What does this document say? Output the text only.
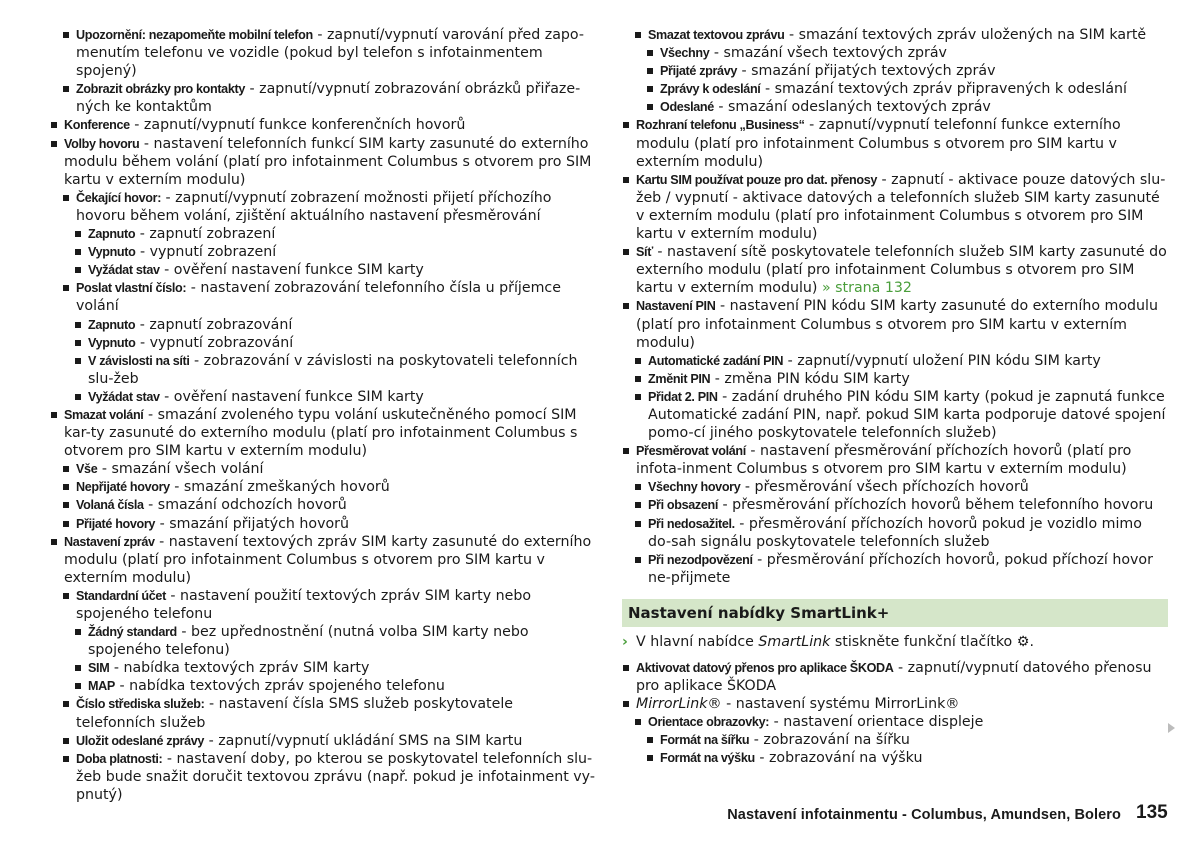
Upozornění: nezapomeňte mobilní telefon - zapnutí/vypnutí varování před zapo-menutím telefonu ve vozidle (pokud byl telefon s infotainmentem spojený)
Zobrazit obrázky pro kontakty - zapnutí/vypnutí zobrazování obrázků přiřaze-ných ke kontaktům
Konference - zapnutí/vypnutí funkce konferenčních hovorů
Volby hovoru - nastavení telefonních funkcí SIM karty zasunuté do externího modulu během volání (platí pro infotainment Columbus s otvorem pro SIM kartu v externím modulu)
Čekající hovor: - zapnutí/vypnutí zobrazení možnosti přijetí příchozího hovoru během volání, zjištění aktuálního nastavení přesměrování
Zapnuto - zapnutí zobrazení
Vypnuto - vypnutí zobrazení
Vyžádat stav - ověření nastavení funkce SIM karty
Poslat vlastní číslo: - nastavení zobrazování telefonního čísla u příjemce volání
Zapnuto - zapnutí zobrazování
Vypnuto - vypnutí zobrazování
V závislosti na síti - zobrazování v závislosti na poskytovateli telefonních slu-žeb
Vyžádat stav - ověření nastavení funkce SIM karty
Smazat volání - smazání zvoleného typu volání uskutečněného pomocí SIM kar-ty zasunuté do externího modulu (platí pro infotainment Columbus s otvorem pro SIM kartu v externím modulu)
Vše - smazání všech volání
Nepřijaté hovory - smazání zmeškaných hovorů
Volaná čísla - smazání odchozích hovorů
Přijaté hovory - smazání přijatých hovorů
Nastavení zpráv - nastavení textových zpráv SIM karty zasunuté do externího modulu (platí pro infotainment Columbus s otvorem pro SIM kartu v externím modulu)
Standardní účet - nastavení použití textových zpráv SIM karty nebo spojeného telefonu
Žádný standard - bez upřednostnění (nutná volba SIM karty nebo spojeného telefonu)
SIM - nabídka textových zpráv SIM karty
MAP - nabídka textových zpráv spojeného telefonu
Číslo střediska služeb: - nastavení čísla SMS služeb poskytovatele telefonních služeb
Uložit odeslané zprávy - zapnutí/vypnutí ukládání SMS na SIM kartu
Doba platnosti: - nastavení doby, po kterou se poskytovatel telefonních slu-žeb bude snažit doručit textovou zprávu (např. pokud je infotainment vy-pnutý)
Smazat textovou zprávu - smazání textových zpráv uložených na SIM kartě
Všechny - smazání všech textových zpráv
Přijaté zprávy - smazání přijatých textových zpráv
Zprávy k odeslání - smazání textových zpráv připravených k odeslání
Odeslané - smazání odeslaných textových zpráv
Rozhraní telefonu „Business“ - zapnutí/vypnutí telefonní funkce externího modulu (platí pro infotainment Columbus s otvorem pro SIM kartu v externím modulu)
Kartu SIM používat pouze pro dat. přenosy - zapnutí - aktivace pouze datových slu-žeb / vypnutí - aktivace datových a telefonních služeb SIM karty zasunuté v externím modulu (platí pro infotainment Columbus s otvorem pro SIM kartu v externím modulu)
Síť - nastavení sítě poskytovatele telefonních služeb SIM karty zasunuté do externího modulu (platí pro infotainment Columbus s otvorem pro SIM kartu v externím modulu) » strana 132
Nastavení PIN - nastavení PIN kódu SIM karty zasunuté do externího modulu (platí pro infotainment Columbus s otvorem pro SIM kartu v externím modulu)
Automatické zadání PIN - zapnutí/vypnutí uložení PIN kódu SIM karty
Změnit PIN - změna PIN kódu SIM karty
Přidat 2. PIN - zadání druhého PIN kódu SIM karty (pokud je zapnutá funkce Automatické zadání PIN, např. pokud SIM karta podporuje datové spojení pomo-cí jiného poskytovatele telefonních služeb)
Přesměrovat volání - nastavení přesměrování příchozích hovorů (platí pro infota-inment Columbus s otvorem pro SIM kartu v externím modulu)
Všechny hovory - přesměrování všech příchozích hovorů
Při obsazení - přesměrování příchozích hovorů během telefonního hovoru
Při nedosažitel. - přesměrování příchozích hovorů pokud je vozidlo mimo do-sah signálu poskytovatele telefonních služeb
Při nezodpovězení - přesměrování příchozích hovorů, pokud příchozí hovor ne-přijmete
Nastavení nabídky SmartLink+
› V hlavní nabídce SmartLink stiskněte funkční tlačítko ⚙.
Aktivovat datový přenos pro aplikace ŠKODA - zapnutí/vypnutí datového přenosu pro aplikace ŠKODA
MirrorLink® - nastavení systému MirrorLink®
Orientace obrazovky: - nastavení orientace displeje
Formát na šířku - zobrazování na šířku
Formát na výšku - zobrazování na výšku
Nastavení infotainmentu - Columbus, Amundsen, Bolero 135
